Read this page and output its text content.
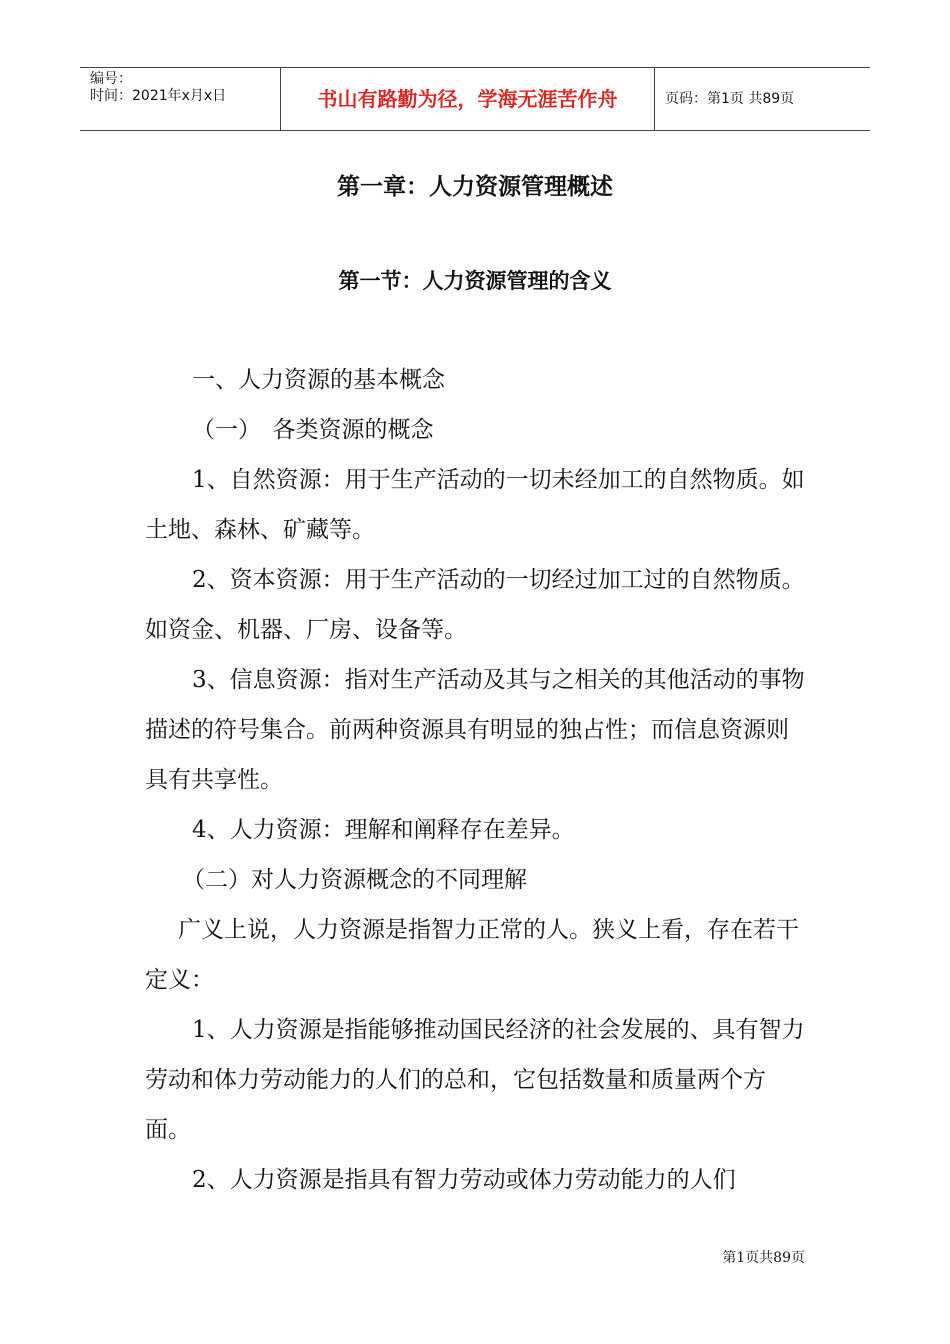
编号：
时间：2021年x月x日	书山有路勤为径，学海无涯苦作舟	页码：第1页 共89页
第一章：人力资源管理概述
第一节：人力资源管理的含义

一、人力资源的基本概念

（一）　各类资源的概念

1、自然资源：用于生产活动的一切未经加工的自然物质。如土地、森林、矿藏等。

2、资本资源：用于生产活动的一切经过加工过的自然物质。如资金、机器、厂房、设备等。

3、信息资源：指对生产活动及其与之相关的其他活动的事物描述的符号集合。前两种资源具有明显的独占性；而信息资源则具有共享性。

4、人力资源：理解和阐释存在差异。

（二）对人力资源概念的不同理解

广义上说，人力资源是指智力正常的人。狭义上看，存在若干定义：

1、人力资源是指能够推动国民经济的社会发展的、具有智力劳动和体力劳动能力的人们的总和，它包括数量和质量两个方面。

2、人力资源是指具有智力劳动或体力劳动能力的人们

第1页共89页
